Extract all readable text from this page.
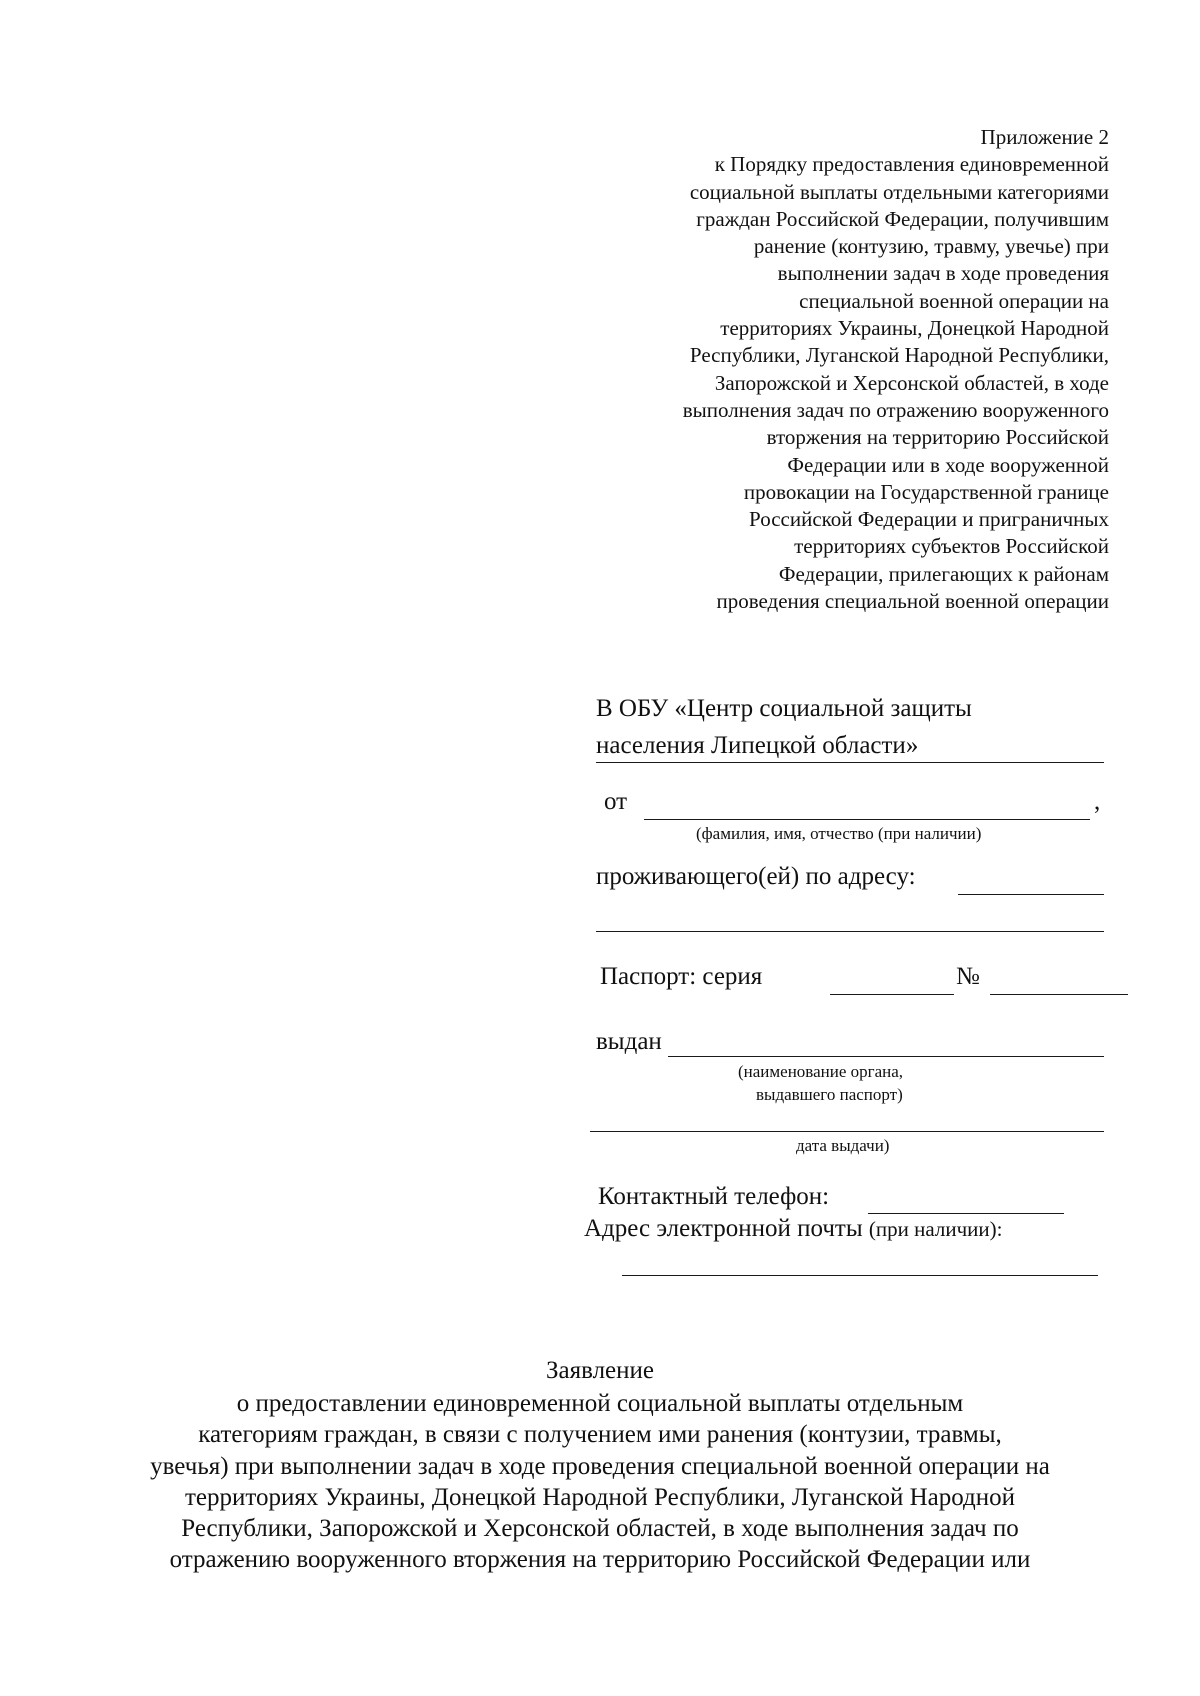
Приложение 2
к Порядку предоставления единовременной
социальной выплаты отдельными категориями
граждан Российской Федерации, получившим
ранение (контузию, травму, увечье) при
выполнении задач в ходе проведения
специальной военной операции на
территориях Украины, Донецкой Народной
Республики, Луганской Народной Республики,
Запорожской и Херсонской областей, в ходе
выполнения задач по отражению вооруженного
вторжения на территорию Российской
Федерации или в ходе вооруженной
провокации на Государственной границе
Российской Федерации и приграничных
территориях субъектов Российской
Федерации, прилегающих к районам
проведения специальной военной операции
В ОБУ «Центр социальной защиты
населения Липецкой области»
от	,
(фамилия, имя, отчество (при наличии)
проживающего(ей) по адресу:
Паспорт: серия	№
выдан
(наименование органа,
выдавшего паспорт)
дата выдачи)
Контактный телефон:
Адрес электронной почты (при наличии):
Заявление
о предоставлении единовременной социальной выплаты отдельным
категориям граждан, в связи с получением ими ранения (контузии, травмы,
увечья) при выполнении задач в ходе проведения специальной военной операции на
территориях Украины, Донецкой Народной Республики, Луганской Народной
Республики, Запорожской и Херсонской областей, в ходе выполнения задач по
отражению вооруженного вторжения на территорию Российской Федерации или
